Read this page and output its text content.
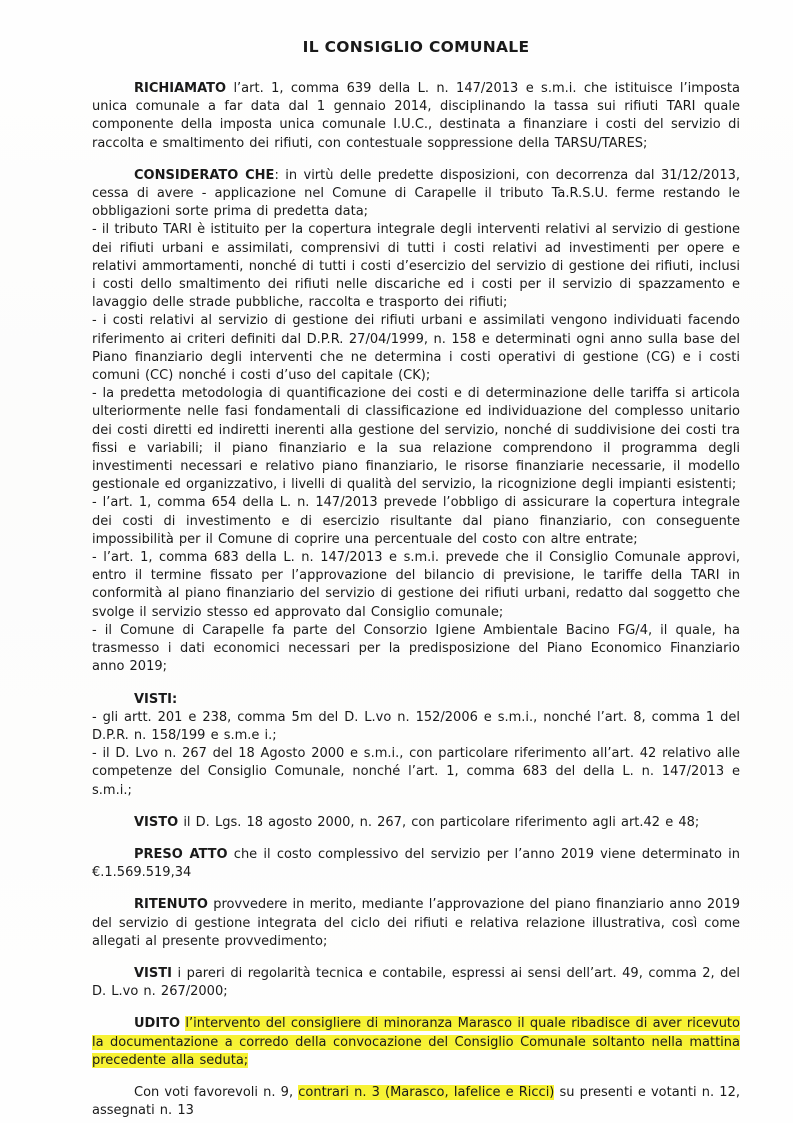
IL CONSIGLIO COMUNALE

RICHIAMATO l’art. 1, comma 639 della L. n. 147/2013 e s.m.i. che istituisce l’imposta unica comunale a far data dal 1 gennaio 2014, disciplinando la tassa sui rifiuti TARI quale componente della imposta unica comunale I.U.C., destinata a finanziare i costi del servizio di raccolta e smaltimento dei rifiuti, con contestuale soppressione della TARSU/TARES;

CONSIDERATO CHE: in virtù delle predette disposizioni, con decorrenza dal 31/12/2013, cessa di avere - applicazione nel Comune di Carapelle il tributo Ta.R.S.U. ferme restando le obbligazioni sorte prima di predetta data;

- il tributo TARI è istituito per la copertura integrale degli interventi relativi al servizio di gestione dei rifiuti urbani e assimilati, comprensivi di tutti i costi relativi ad investimenti per opere e relativi ammortamenti, nonché di tutti i costi d’esercizio del servizio di gestione dei rifiuti, inclusi i costi dello smaltimento dei rifiuti nelle discariche ed i costi per il servizio di spazzamento e lavaggio delle strade pubbliche, raccolta e trasporto dei rifiuti;

- i costi relativi al servizio di gestione dei rifiuti urbani e assimilati vengono individuati facendo riferimento ai criteri definiti dal D.P.R. 27/04/1999, n. 158 e determinati ogni anno sulla base del Piano finanziario degli interventi che ne determina i costi operativi di gestione (CG) e i costi comuni (CC) nonché i costi d’uso del capitale (CK);

- la predetta metodologia di quantificazione dei costi e di determinazione delle tariffa si articola ulteriormente nelle fasi fondamentali di classificazione ed individuazione del complesso unitario dei costi diretti ed indiretti inerenti alla gestione del servizio, nonché di suddivisione dei costi tra fissi e variabili; il piano finanziario e la sua relazione comprendono il programma degli investimenti necessari e relativo piano finanziario, le risorse finanziarie necessarie, il modello gestionale ed organizzativo, i livelli di qualità del servizio, la ricognizione degli impianti esistenti;

- l’art. 1, comma 654 della L. n. 147/2013 prevede l’obbligo di assicurare la copertura integrale dei costi di investimento e di esercizio risultante dal piano finanziario, con conseguente impossibilità per il Comune di coprire una percentuale del costo con altre entrate;

- l’art. 1, comma 683 della L. n. 147/2013 e s.m.i. prevede che il Consiglio Comunale approvi, entro il termine fissato per l’approvazione del bilancio di previsione, le tariffe della TARI in conformità al piano finanziario del servizio di gestione dei rifiuti urbani, redatto dal soggetto che svolge il servizio stesso ed approvato dal Consiglio comunale;

- il Comune di Carapelle fa parte del Consorzio Igiene Ambientale Bacino FG/4, il quale, ha trasmesso i dati economici necessari per la predisposizione del Piano Economico Finanziario anno 2019;

VISTI:

- gli artt. 201 e 238, comma 5m del D. L.vo n. 152/2006 e s.m.i., nonché l’art. 8, comma 1 del D.P.R. n. 158/199 e s.m.e i.;

- il D. Lvo n. 267 del 18 Agosto 2000 e s.m.i., con particolare riferimento all’art. 42 relativo alle competenze del Consiglio Comunale, nonché l’art. 1, comma 683 del della L. n. 147/2013 e s.m.i.;

VISTO il D. Lgs. 18 agosto 2000, n. 267, con particolare riferimento agli art.42 e 48;

PRESO ATTO che il costo complessivo del servizio per l’anno 2019 viene determinato in €.1.569.519,34

RITENUTO provvedere in merito, mediante l’approvazione del piano finanziario anno 2019 del servizio di gestione integrata del ciclo dei rifiuti e relativa relazione illustrativa, così come allegati al presente provvedimento;

VISTI i pareri di regolarità tecnica e contabile, espressi ai sensi dell’art. 49, comma 2, del D. L.vo n. 267/2000;

UDITO l’intervento del consigliere di minoranza Marasco il quale ribadisce di aver ricevuto la documentazione a corredo della convocazione del Consiglio Comunale soltanto nella mattina precedente alla seduta;

Con voti favorevoli n. 9, contrari n. 3 (Marasco, Iafelice e Ricci) su presenti e votanti n. 12, assegnati n. 13
